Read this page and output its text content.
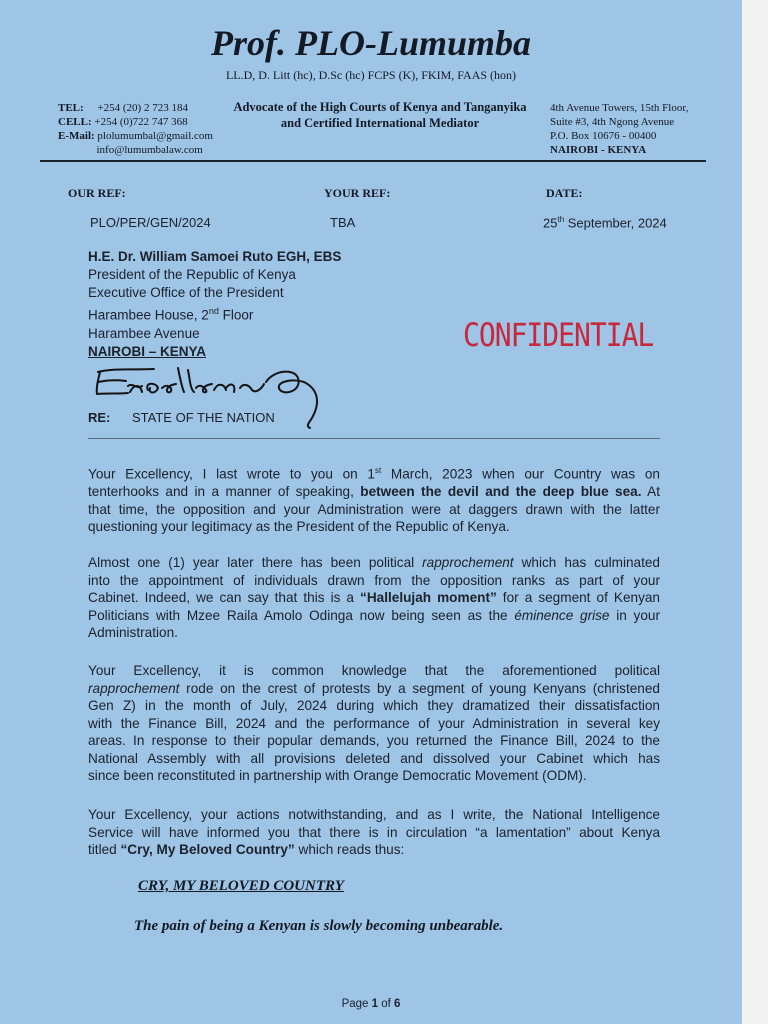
Prof. PLO-Lumumba
LL.D, D. Litt (hc), D.Sc (hc) FCPS (K), FKIM, FAAS (hon)
TEL: +254 (20) 2 723 184
CELL: +254 (0)722 747 368
E-Mail: plolumumbal@gmail.com
info@lumumbalaw.com
Advocate of the High Courts of Kenya and Tanganyika
and Certified International Mediator
4th Avenue Towers, 15th Floor,
Suite #3, 4th Ngong Avenue
P.O. Box 10676 - 00400
NAIROBI - KENYA
OUR REF:	YOUR REF:	DATE:
PLO/PER/GEN/2024	TBA	25th September, 2024
H.E. Dr. William Samoei Ruto EGH, EBS
President of the Republic of Kenya
Executive Office of the President
Harambee House, 2nd Floor
Harambee Avenue
NAIROBI – KENYA	CONFIDENTIAL
RE: STATE OF THE NATION
Your Excellency, I last wrote to you on 1st March, 2023 when our Country was on
tenterhooks and in a manner of speaking, between the devil and the deep blue sea. At
that time, the opposition and your Administration were at daggers drawn with the latter
questioning your legitimacy as the President of the Republic of Kenya.
Almost one (1) year later there has been political rapprochement which has culminated
into the appointment of individuals drawn from the opposition ranks as part of your
Cabinet. Indeed, we can say that this is a “Hallelujah moment” for a segment of Kenyan
Politicians with Mzee Raila Amolo Odinga now being seen as the éminence grise in your
Administration.
Your Excellency, it is common knowledge that the aforementioned political
rapprochement rode on the crest of protests by a segment of young Kenyans (christened
Gen Z) in the month of July, 2024 during which they dramatized their dissatisfaction
with the Finance Bill, 2024 and the performance of your Administration in several key
areas. In response to their popular demands, you returned the Finance Bill, 2024 to the
National Assembly with all provisions deleted and dissolved your Cabinet which has
since been reconstituted in partnership with Orange Democratic Movement (ODM).
Your Excellency, your actions notwithstanding, and as I write, the National Intelligence
Service will have informed you that there is in circulation “a lamentation” about Kenya
titled “Cry, My Beloved Country” which reads thus:
CRY, MY BELOVED COUNTRY
The pain of being a Kenyan is slowly becoming unbearable.
Page 1 of 6
